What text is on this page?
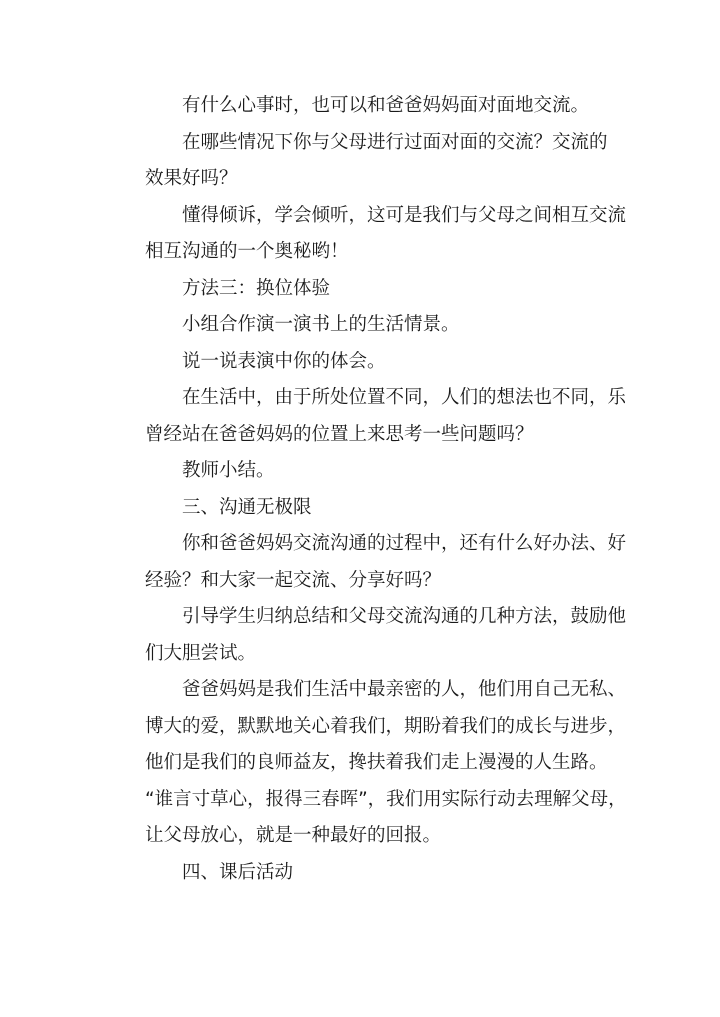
有什么心事时，也可以和爸爸妈妈面对面地交流。
在哪些情况下你与父母进行过面对面的交流？交流的
效果好吗？
懂得倾诉，学会倾听，这可是我们与父母之间相互交流
相互沟通的一个奥秘哟！
方法三：换位体验
小组合作演一演书上的生活情景。
说一说表演中你的体会。
在生活中，由于所处位置不同，人们的想法也不同，乐
曾经站在爸爸妈妈的位置上来思考一些问题吗？
教师小结。
三、沟通无极限
你和爸爸妈妈交流沟通的过程中，还有什么好办法、好
经验？和大家一起交流、分享好吗？
引导学生归纳总结和父母交流沟通的几种方法，鼓励他
们大胆尝试。
爸爸妈妈是我们生活中最亲密的人，他们用自己无私、
博大的爱，默默地关心着我们，期盼着我们的成长与进步，
他们是我们的良师益友，搀扶着我们走上漫漫的人生路。
“谁言寸草心，报得三春晖”，我们用实际行动去理解父母，
让父母放心，就是一种最好的回报。
四、课后活动
